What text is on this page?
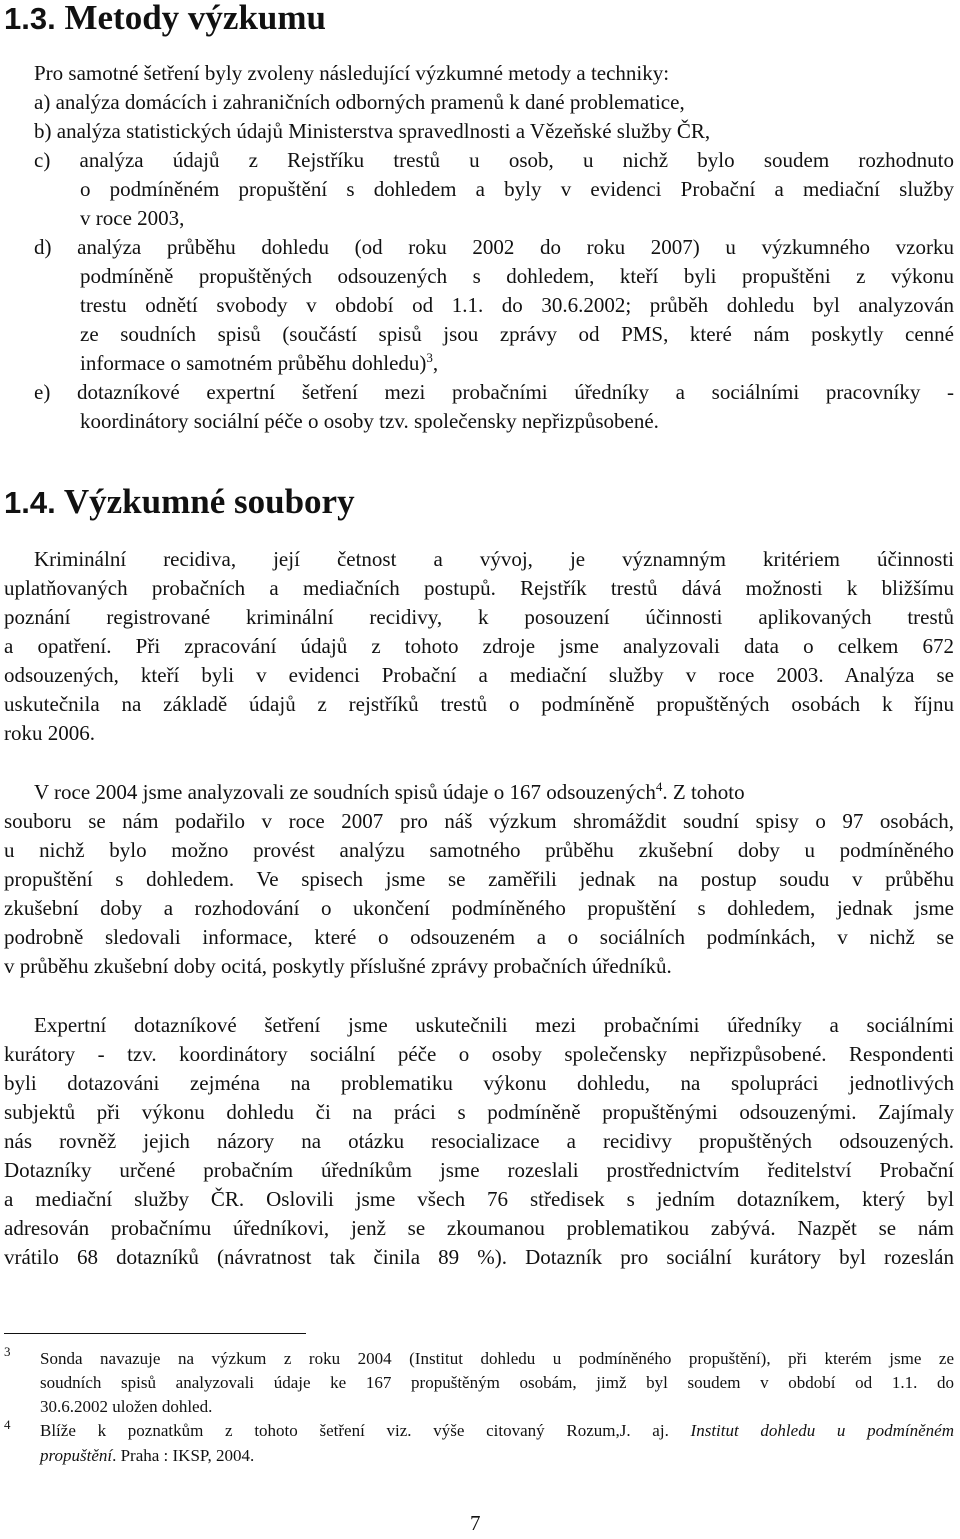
1.3. Metody výzkumu
Pro samotné šetření byly zvoleny následující výzkumné metody a techniky:
a) analýza domácích i zahraničních odborných pramenů k dané problematice,
b) analýza statistických údajů Ministerstva spravedlnosti a Vězeňské služby ČR,
c) analýza údajů z Rejstříku trestů u osob, u nichž bylo soudem rozhodnuto
o podmíněném propuštění s dohledem a byly v evidenci Probační a mediační služby
v roce 2003,
d) analýza průběhu dohledu (od roku 2002 do roku 2007) u výzkumného vzorku
podmíněně propuštěných odsouzených s dohledem, kteří byli propuštěni z výkonu
trestu odnětí svobody v období od 1.1. do 30.6.2002; průběh dohledu byl analyzován
ze soudních spisů (součástí spisů jsou zprávy od PMS, které nám poskytly cenné
informace o samotném průběhu dohledu)$^3$,
e) dotazníkové expertní šetření mezi probačními úředníky a sociálními pracovníky -
koordinátory sociální péče o osoby tzv. společensky nepřizpůsobené.
1.4. Výzkumné soubory
Kriminální recidiva, její četnost a vývoj, je významným kritériem účinnosti
uplatňovaných probačních a mediačních postupů. Rejstřík trestů dává možnosti k bližšímu
poznání registrované kriminální recidivy, k posouzení účinnosti aplikovaných trestů
a opatření. Při zpracování údajů z tohoto zdroje jsme analyzovali data o celkem 672
odsouzených, kteří byli v evidenci Probační a mediační služby v roce 2003. Analýza se
uskutečnila na základě údajů z rejstříků trestů o podmíněně propuštěných osobách k říjnu
roku 2006.
V roce 2004 jsme analyzovali ze soudních spisů údaje o 167 odsouzených$^4$. Z tohoto
souboru se nám podařilo v roce 2007 pro náš výzkum shromáždit soudní spisy o 97 osobách,
u nichž bylo možno provést analýzu samotného průběhu zkušební doby u podmíněného
propuštění s dohledem. Ve spisech jsme se zaměřili jednak na postup soudu v průběhu
zkušební doby a rozhodování o ukončení podmíněného propuštění s dohledem, jednak jsme
podrobně sledovali informace, které o odsouzeném a o sociálních podmínkách, v nichž se
v průběhu zkušební doby ocitá, poskytly příslušné zprávy probačních úředníků.
Expertní dotazníkové šetření jsme uskutečnili mezi probačními úředníky a sociálními
kurátory - tzv. koordinátory sociální péče o osoby společensky nepřizpůsobené. Respondenti
byli dotazováni zejména na problematiku výkonu dohledu, na spolupráci jednotlivých
subjektů při výkonu dohledu či na práci s podmíněně propuštěnými odsouzenými. Zajímaly
nás rovněž jejich názory na otázku resocializace a recidivy propuštěných odsouzených.
Dotazníky určené probačním úředníkům jsme rozeslali prostřednictvím ředitelství Probační
a mediační služby ČR. Oslovili jsme všech 76 středisek s jedním dotazníkem, který byl
adresován probačnímu úředníkovi, jenž se zkoumanou problematikou zabývá. Nazpět se nám
vrátilo 68 dotazníků (návratnost tak činila 89 %). Dotazník pro sociální kurátory byl rozeslán
3 Sonda navazuje na výzkum z roku 2004 (Institut dohledu u podmíněného propuštění), při kterém jsme ze
soudních spisů analyzovali údaje ke 167 propuštěným osobám, jimž byl soudem v období od 1.1. do
30.6.2002 uložen dohled.
4 Blíže k poznatkům z tohoto šetření viz. výše citovaný Rozum,J. aj. Institut dohledu u podmíněném
propuštění. Praha : IKSP, 2004.
7
